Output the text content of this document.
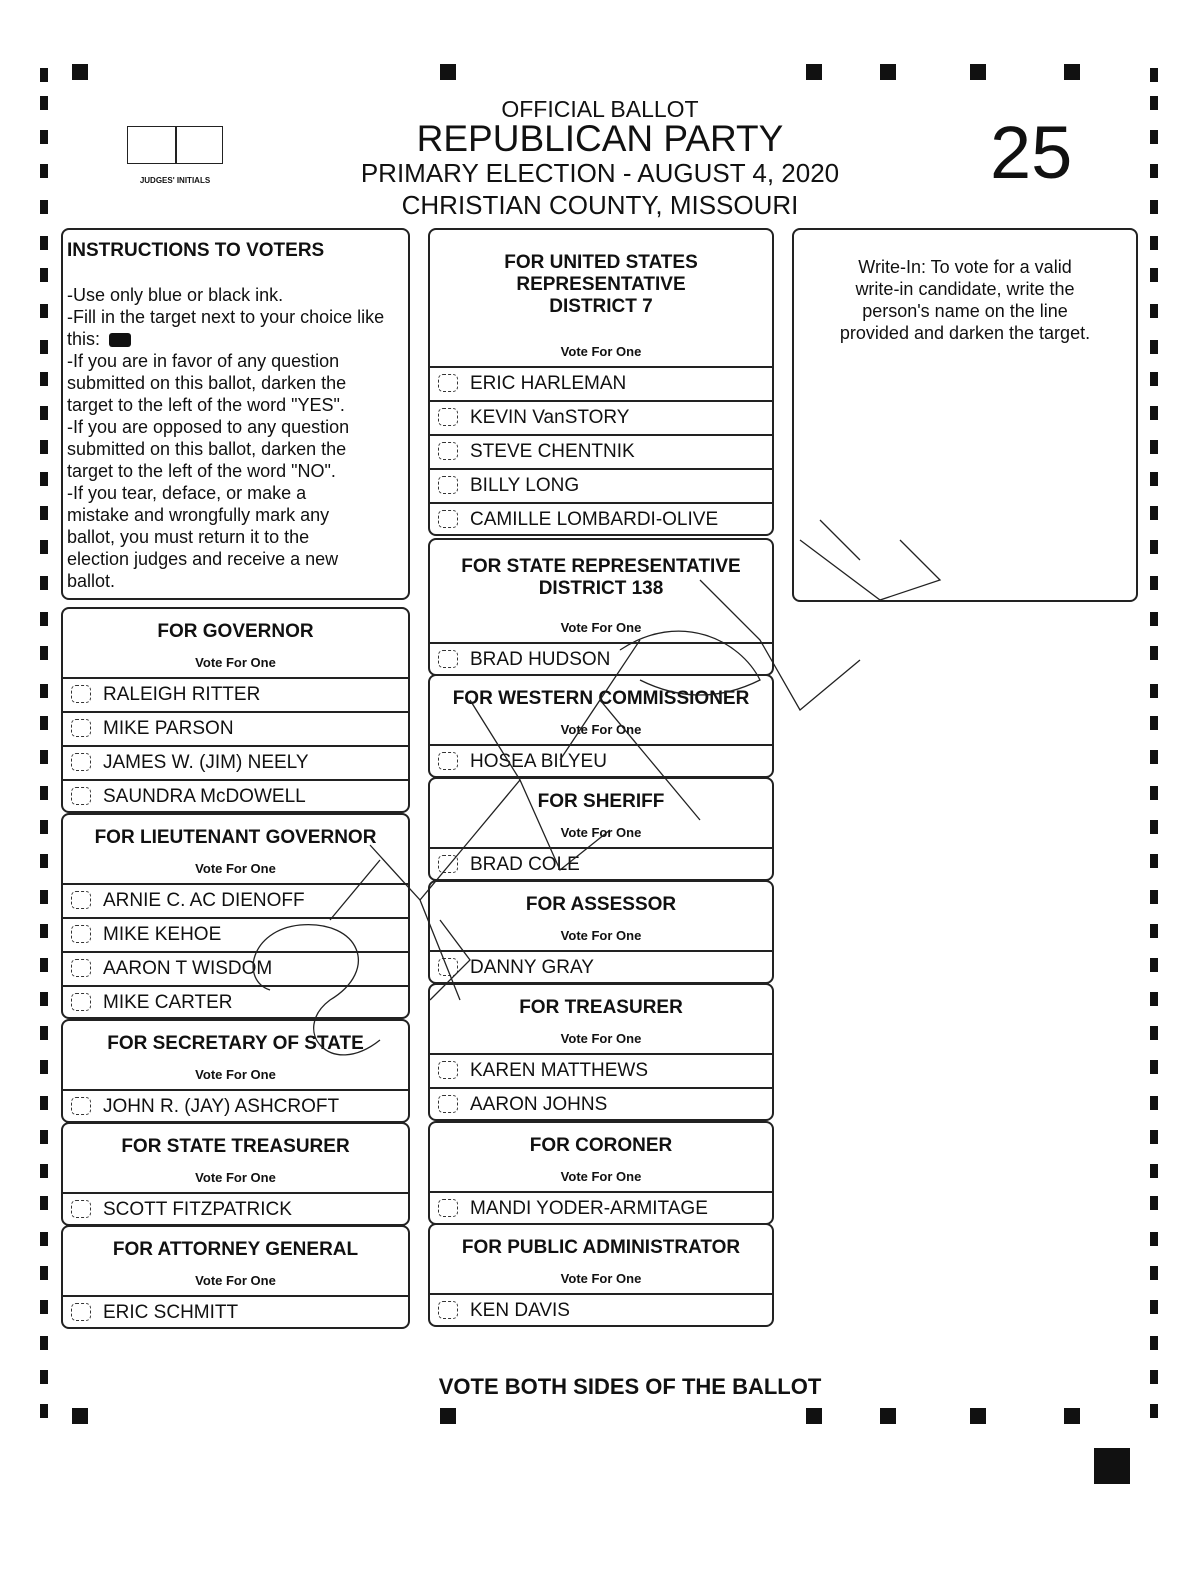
JUDGES' INITIALS
OFFICIAL BALLOT
REPUBLICAN PARTY
PRIMARY ELECTION - AUGUST 4, 2020
CHRISTIAN COUNTY, MISSOURI
25
INSTRUCTIONS TO VOTERS
-Use only blue or black ink.
-Fill in the target next to your choice like
this:
-If you are in favor of any question
submitted on this ballot, darken the
target to the left of the word "YES".
-If you are opposed to any question
submitted on this ballot, darken the
target to the left of the word "NO".
-If you tear, deface, or make a
mistake and wrongfully mark any
ballot, you must return it to the
election judges and receive a new
ballot.
FOR GOVERNOR
Vote For One
RALEIGH RITTER
MIKE PARSON
JAMES W. (JIM) NEELY
SAUNDRA McDOWELL
FOR LIEUTENANT GOVERNOR
Vote For One
ARNIE C. AC DIENOFF
MIKE KEHOE
AARON T WISDOM
MIKE CARTER
FOR SECRETARY OF STATE
Vote For One
JOHN R. (JAY) ASHCROFT
FOR STATE TREASURER
Vote For One
SCOTT FITZPATRICK
FOR ATTORNEY GENERAL
Vote For One
ERIC SCHMITT
FOR UNITED STATES
REPRESENTATIVE
DISTRICT 7
Vote For One
ERIC HARLEMAN
KEVIN VanSTORY
STEVE CHENTNIK
BILLY LONG
CAMILLE LOMBARDI-OLIVE
FOR STATE REPRESENTATIVE
DISTRICT 138
Vote For One
BRAD HUDSON
FOR WESTERN COMMISSIONER
Vote For One
HOSEA BILYEU
FOR SHERIFF
Vote For One
BRAD COLE
FOR ASSESSOR
Vote For One
DANNY GRAY
FOR TREASURER
Vote For One
KAREN MATTHEWS
AARON JOHNS
FOR CORONER
Vote For One
MANDI YODER-ARMITAGE
FOR PUBLIC ADMINISTRATOR
Vote For One
KEN DAVIS
Write-In: To vote for a valid
write-in candidate, write the
person's name on the line
provided and darken the target.
VOTE BOTH SIDES OF THE BALLOT
